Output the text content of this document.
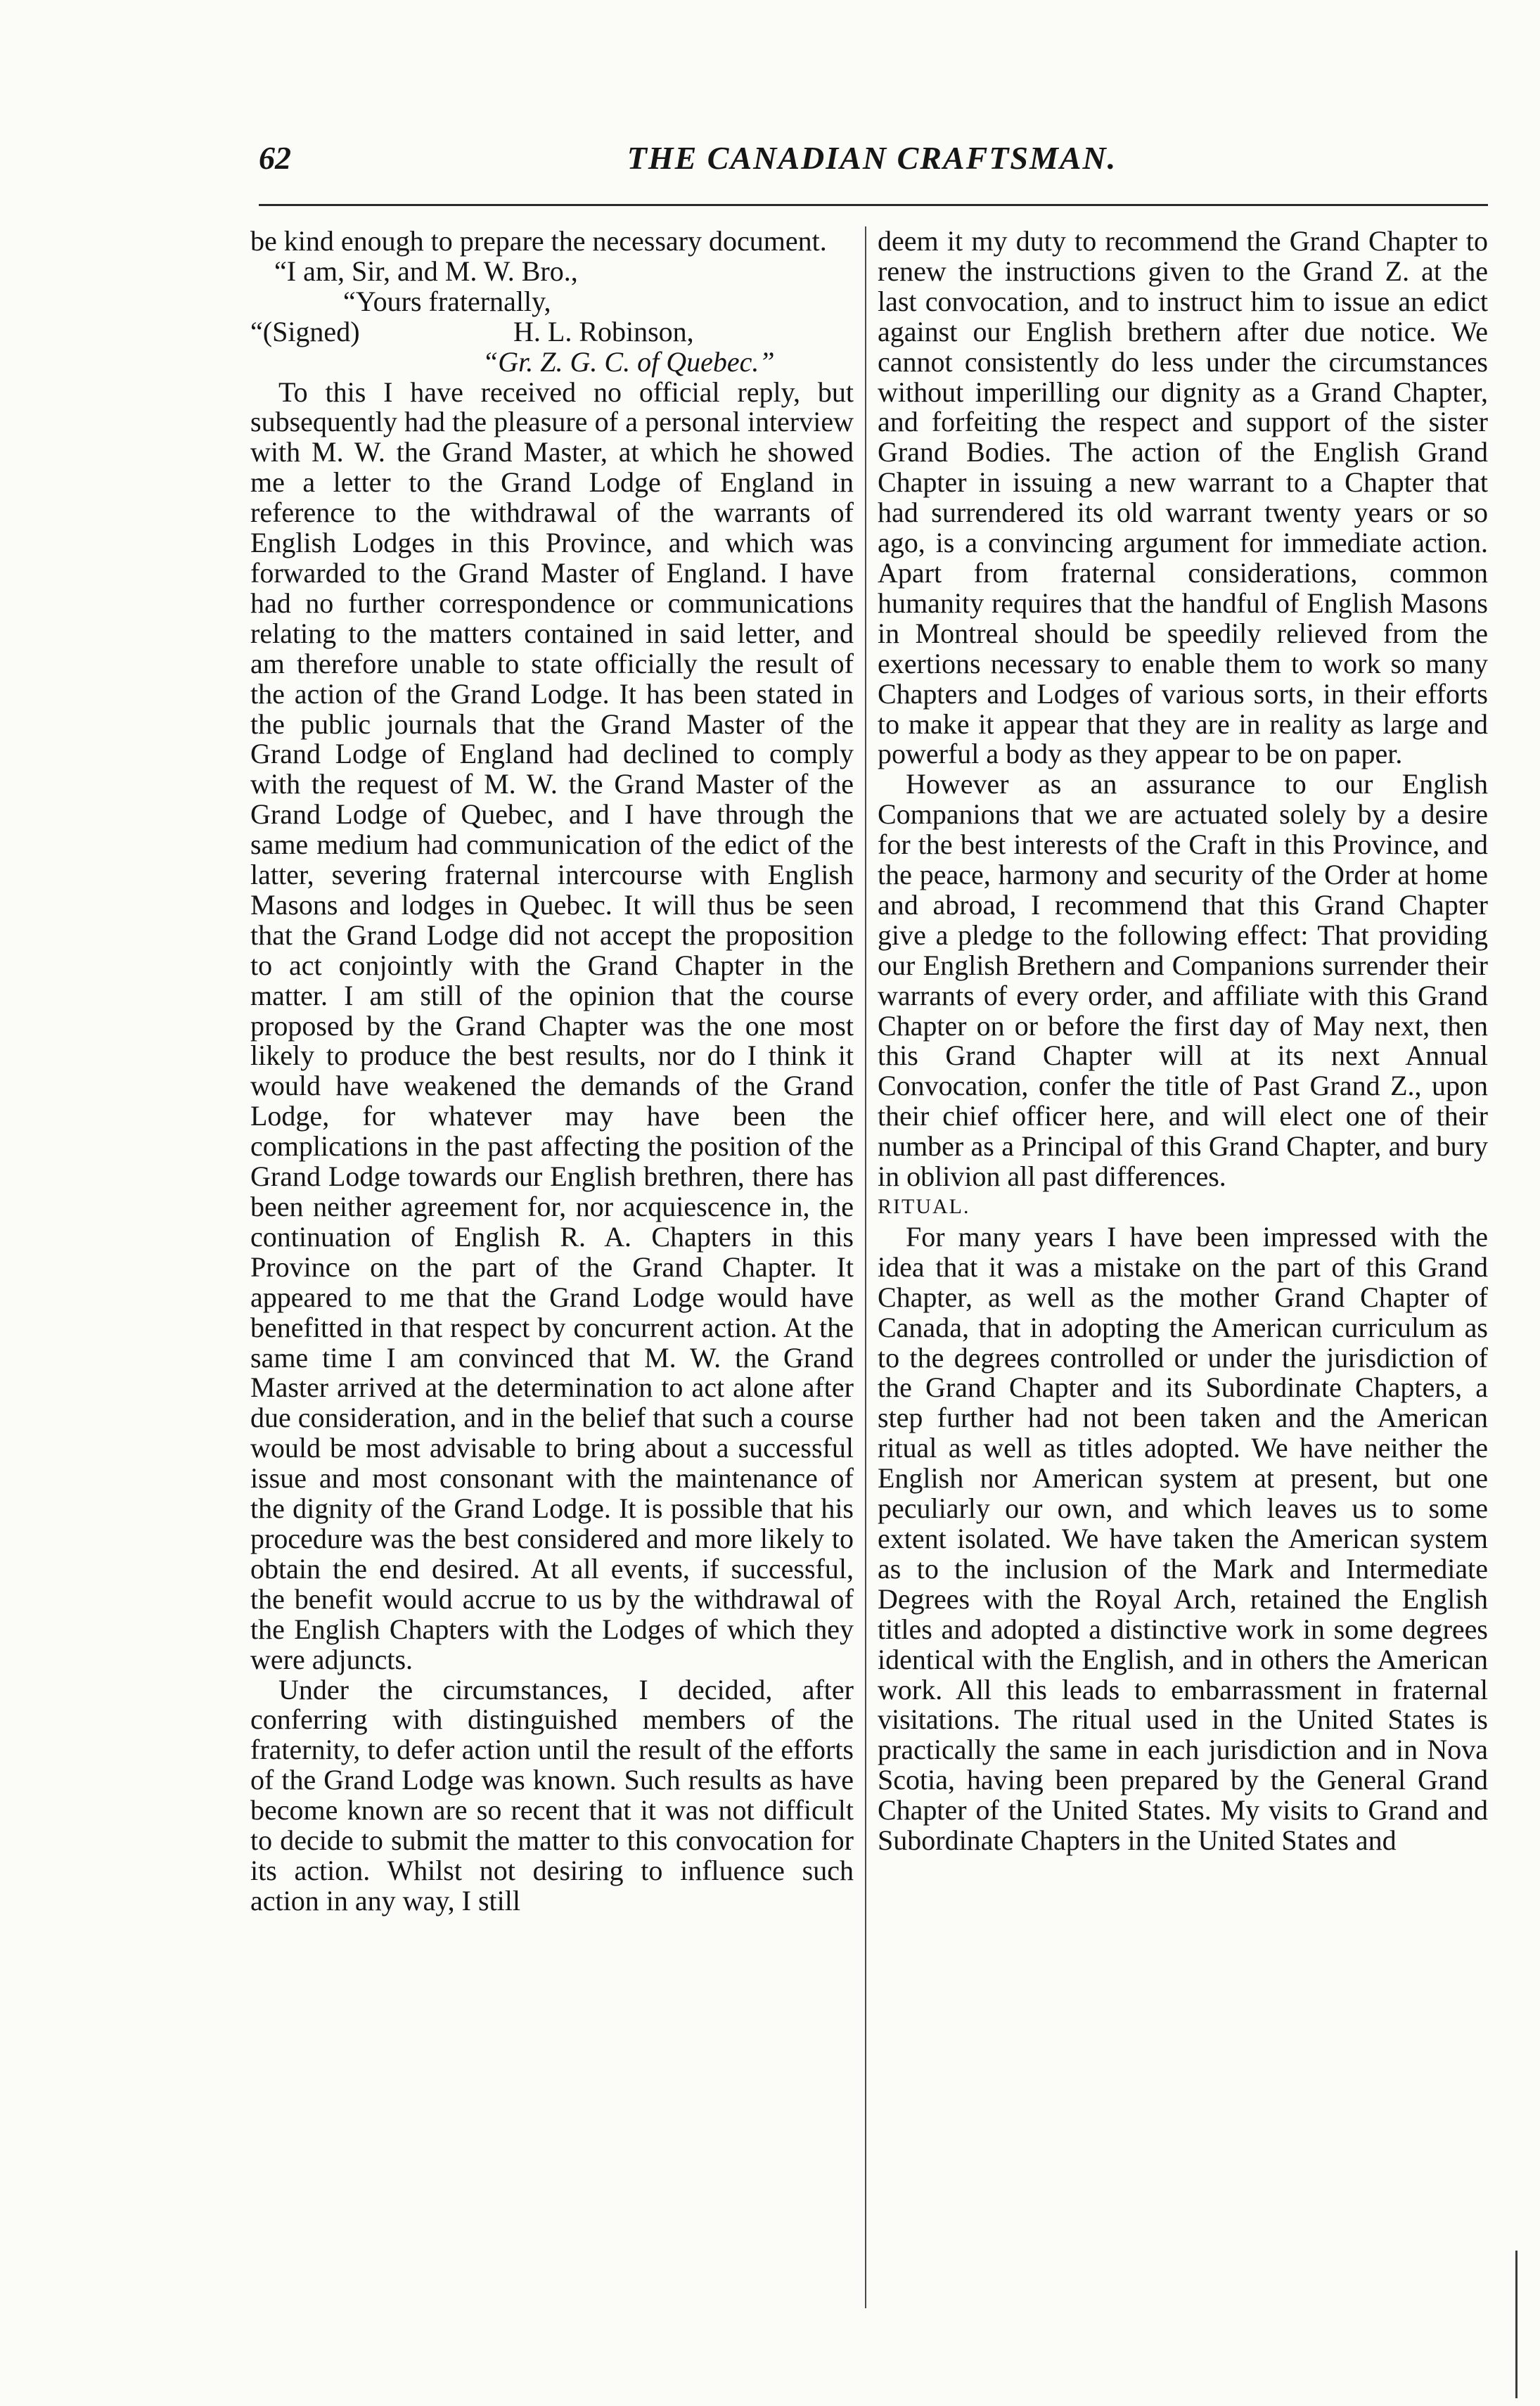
62	THE CANADIAN CRAFTSMAN.

be kind enough to prepare the necessary document.

“I am, Sir, and M. W. Bro.,

“Yours fraternally,

“(Signed)	H. L. Robinson,

“Gr. Z. G. C. of Quebec.”

To this I have received no official reply, but subsequently had the pleasure of a personal interview with M. W. the Grand Master, at which he showed me a letter to the Grand Lodge of England in reference to the withdrawal of the warrants of English Lodges in this Province, and which was forwarded to the Grand Master of England. I have had no further correspondence or communications relating to the matters contained in said letter, and am therefore unable to state officially the result of the action of the Grand Lodge. It has been stated in the public journals that the Grand Master of the Grand Lodge of England had declined to comply with the request of M. W. the Grand Master of the Grand Lodge of Quebec, and I have through the same medium had communication of the edict of the latter, severing fraternal intercourse with English Masons and lodges in Quebec. It will thus be seen that the Grand Lodge did not accept the proposition to act conjointly with the Grand Chapter in the matter. I am still of the opinion that the course proposed by the Grand Chapter was the one most likely to produce the best results, nor do I think it would have weakened the demands of the Grand Lodge, for whatever may have been the complications in the past affecting the position of the Grand Lodge towards our English brethren, there has been neither agreement for, nor acquiescence in, the continuation of English R. A. Chapters in this Province on the part of the Grand Chapter. It appeared to me that the Grand Lodge would have benefitted in that respect by concurrent action. At the same time I am convinced that M. W. the Grand Master arrived at the determination to act alone after due consideration, and in the belief that such a course would be most advisable to bring about a successful issue and most consonant with the maintenance of the dignity of the Grand Lodge. It is possible that his procedure was the best considered and more likely to obtain the end desired. At all events, if successful, the benefit would accrue to us by the withdrawal of the English Chapters with the Lodges of which they were adjuncts.

Under the circumstances, I decided, after conferring with distinguished members of the fraternity, to defer action until the result of the efforts of the Grand Lodge was known. Such results as have become known are so recent that it was not difficult to decide to submit the matter to this convocation for its action. Whilst not desiring to influence such action in any way, I still

deem it my duty to recommend the Grand Chapter to renew the instructions given to the Grand Z. at the last convocation, and to instruct him to issue an edict against our English brethern after due notice. We cannot consistently do less under the circumstances without imperilling our dignity as a Grand Chapter, and forfeiting the respect and support of the sister Grand Bodies. The action of the English Grand Chapter in issuing a new warrant to a Chapter that had surrendered its old warrant twenty years or so ago, is a convincing argument for immediate action. Apart from fraternal considerations, common humanity requires that the handful of English Masons in Montreal should be speedily relieved from the exertions necessary to enable them to work so many Chapters and Lodges of various sorts, in their efforts to make it appear that they are in reality as large and powerful a body as they appear to be on paper.

However as an assurance to our English Companions that we are actuated solely by a desire for the best interests of the Craft in this Province, and the peace, harmony and security of the Order at home and abroad, I recommend that this Grand Chapter give a pledge to the following effect: That providing our English Brethern and Companions surrender their warrants of every order, and affiliate with this Grand Chapter on or before the first day of May next, then this Grand Chapter will at its next Annual Convocation, confer the title of Past Grand Z., upon their chief officer here, and will elect one of their number as a Principal of this Grand Chapter, and bury in oblivion all past differences.

RITUAL.

For many years I have been impressed with the idea that it was a mistake on the part of this Grand Chapter, as well as the mother Grand Chapter of Canada, that in adopting the American curriculum as to the degrees controlled or under the jurisdiction of the Grand Chapter and its Subordinate Chapters, a step further had not been taken and the American ritual as well as titles adopted. We have neither the English nor American system at present, but one peculiarly our own, and which leaves us to some extent isolated. We have taken the American system as to the inclusion of the Mark and Intermediate Degrees with the Royal Arch, retained the English titles and adopted a distinctive work in some degrees identical with the English, and in others the American work. All this leads to embarrassment in fraternal visitations. The ritual used in the United States is practically the same in each jurisdiction and in Nova Scotia, having been prepared by the General Grand Chapter of the United States. My visits to Grand and Subordinate Chapters in the United States and
